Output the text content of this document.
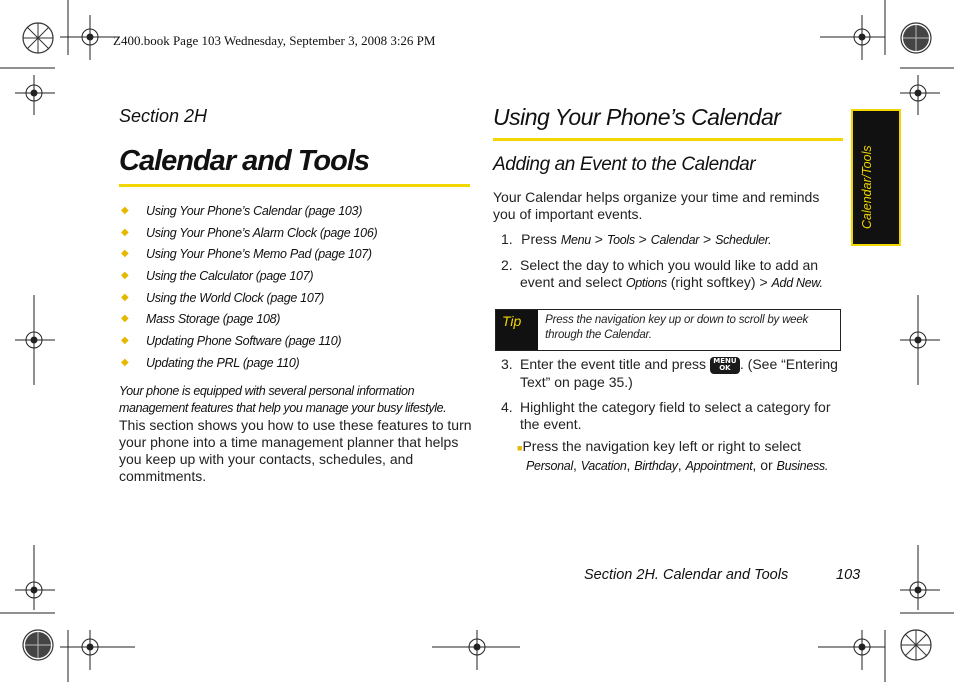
Z400.book Page 103 Wednesday, September 3, 2008 3:26 PM
Section 2H
Calendar and Tools
◆ Using Your Phone’s Calendar (page 103)
◆ Using Your Phone’s Alarm Clock (page 106)
◆ Using Your Phone’s Memo Pad (page 107)
◆ Using the Calculator (page 107)
◆ Using the World Clock (page 107)
◆ Mass Storage (page 108)
◆ Updating Phone Software (page 110)
◆ Updating the PRL (page 110)
Your phone is equipped with several personal information management features that help you manage your busy lifestyle.
This section shows you how to use these features to turn your phone into a time management planner that helps you keep up with your contacts, schedules, and commitments.
Using Your Phone’s Calendar
Adding an Event to the Calendar
Your Calendar helps organize your time and reminds you of important events.
1. Press Menu > Tools > Calendar > Scheduler.
2. Select the day to which you would like to add an event and select Options (right softkey) > Add New.
Tip	Press the navigation key up or down to scroll by week through the Calendar.
3. Enter the event title and press MENU
OK . (See “Entering Text” on page 35.)
4. Highlight the category field to select a category for the event.
■Press the navigation key left or right to select
Personal, Vacation, Birthday, Appointment, or Business.
Calendar/Tools
Section 2H. Calendar and Tools	103
